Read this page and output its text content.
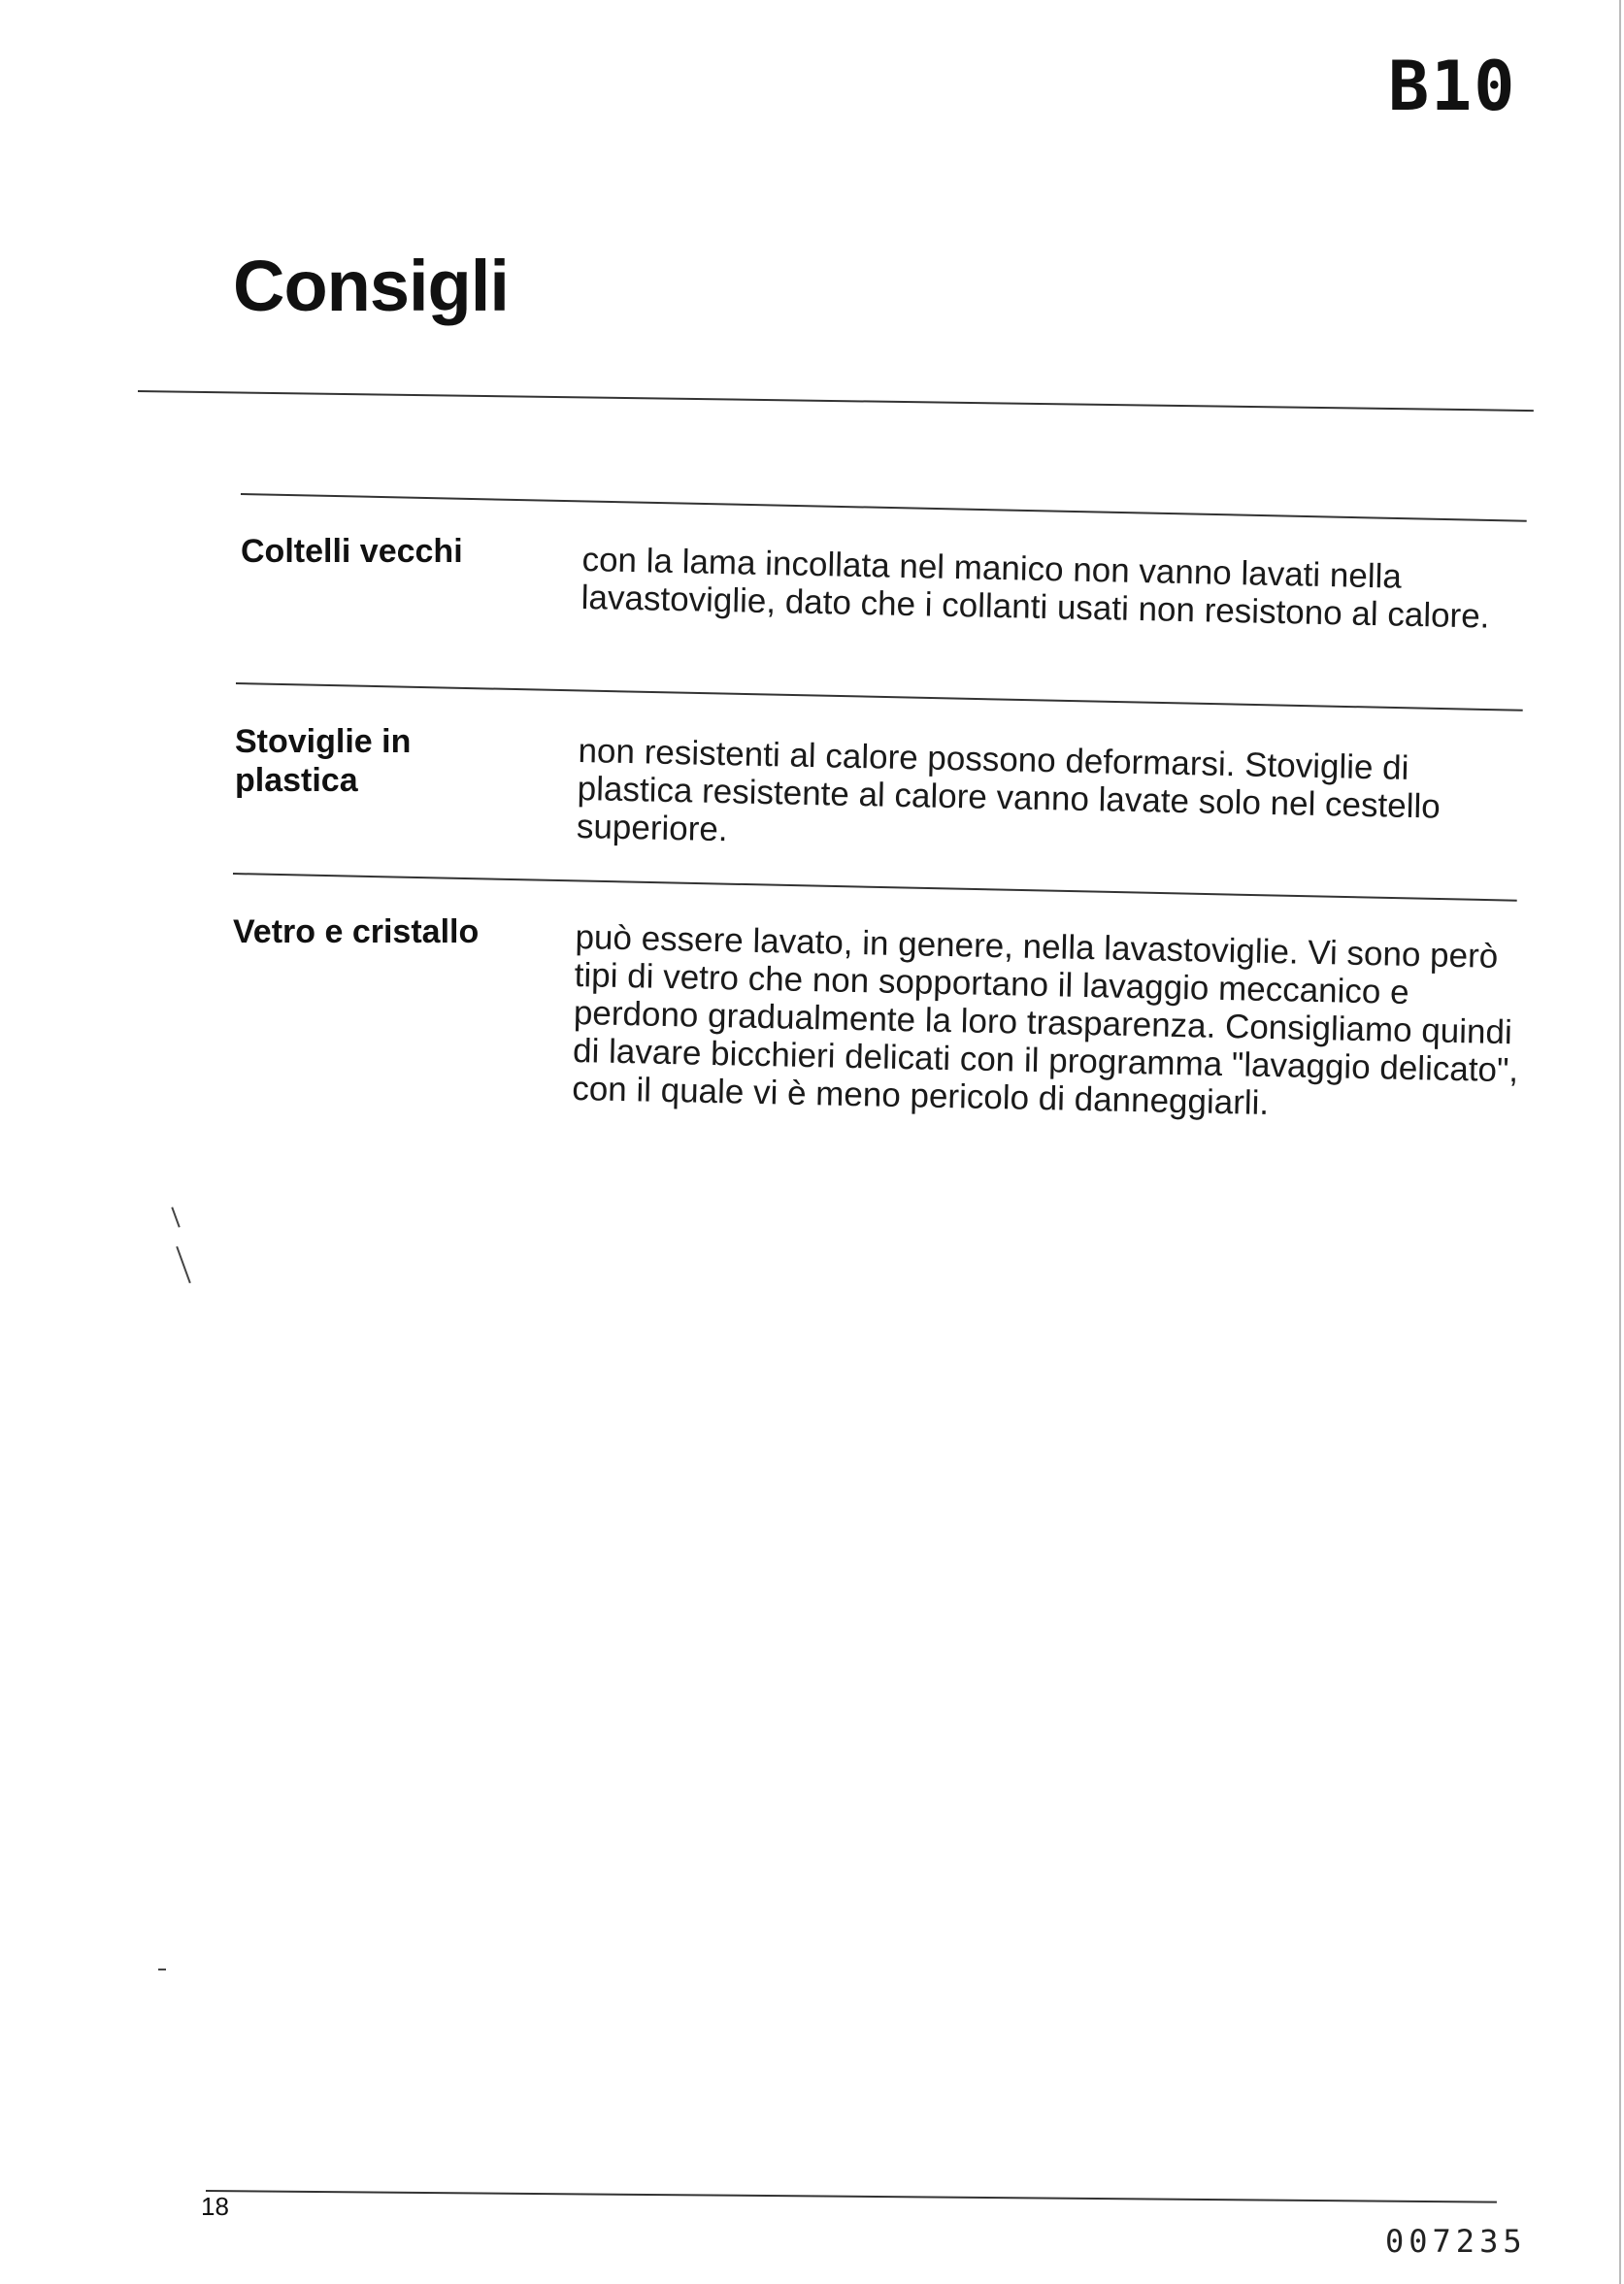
B10
Consigli
Coltelli vecchi	con la lama incollata nel manico non vanno lavati nella lavastoviglie, dato che i collanti usati non resistono al calore.
Stoviglie in plastica	non resistenti al calore possono deformarsi. Stoviglie di plastica resistente al calore vanno lavate solo nel cestello superiore.
Vetro e cristallo	può essere lavato, in genere, nella lavastoviglie. Vi sono però tipi di vetro che non sopportano il lavaggio meccanico e perdono gradualmente la loro trasparenza. Consigliamo quindi di lavare bicchieri delicati con il programma "lavaggio delicato", con il quale vi è meno pericolo di danneggiarli.
18
007235
